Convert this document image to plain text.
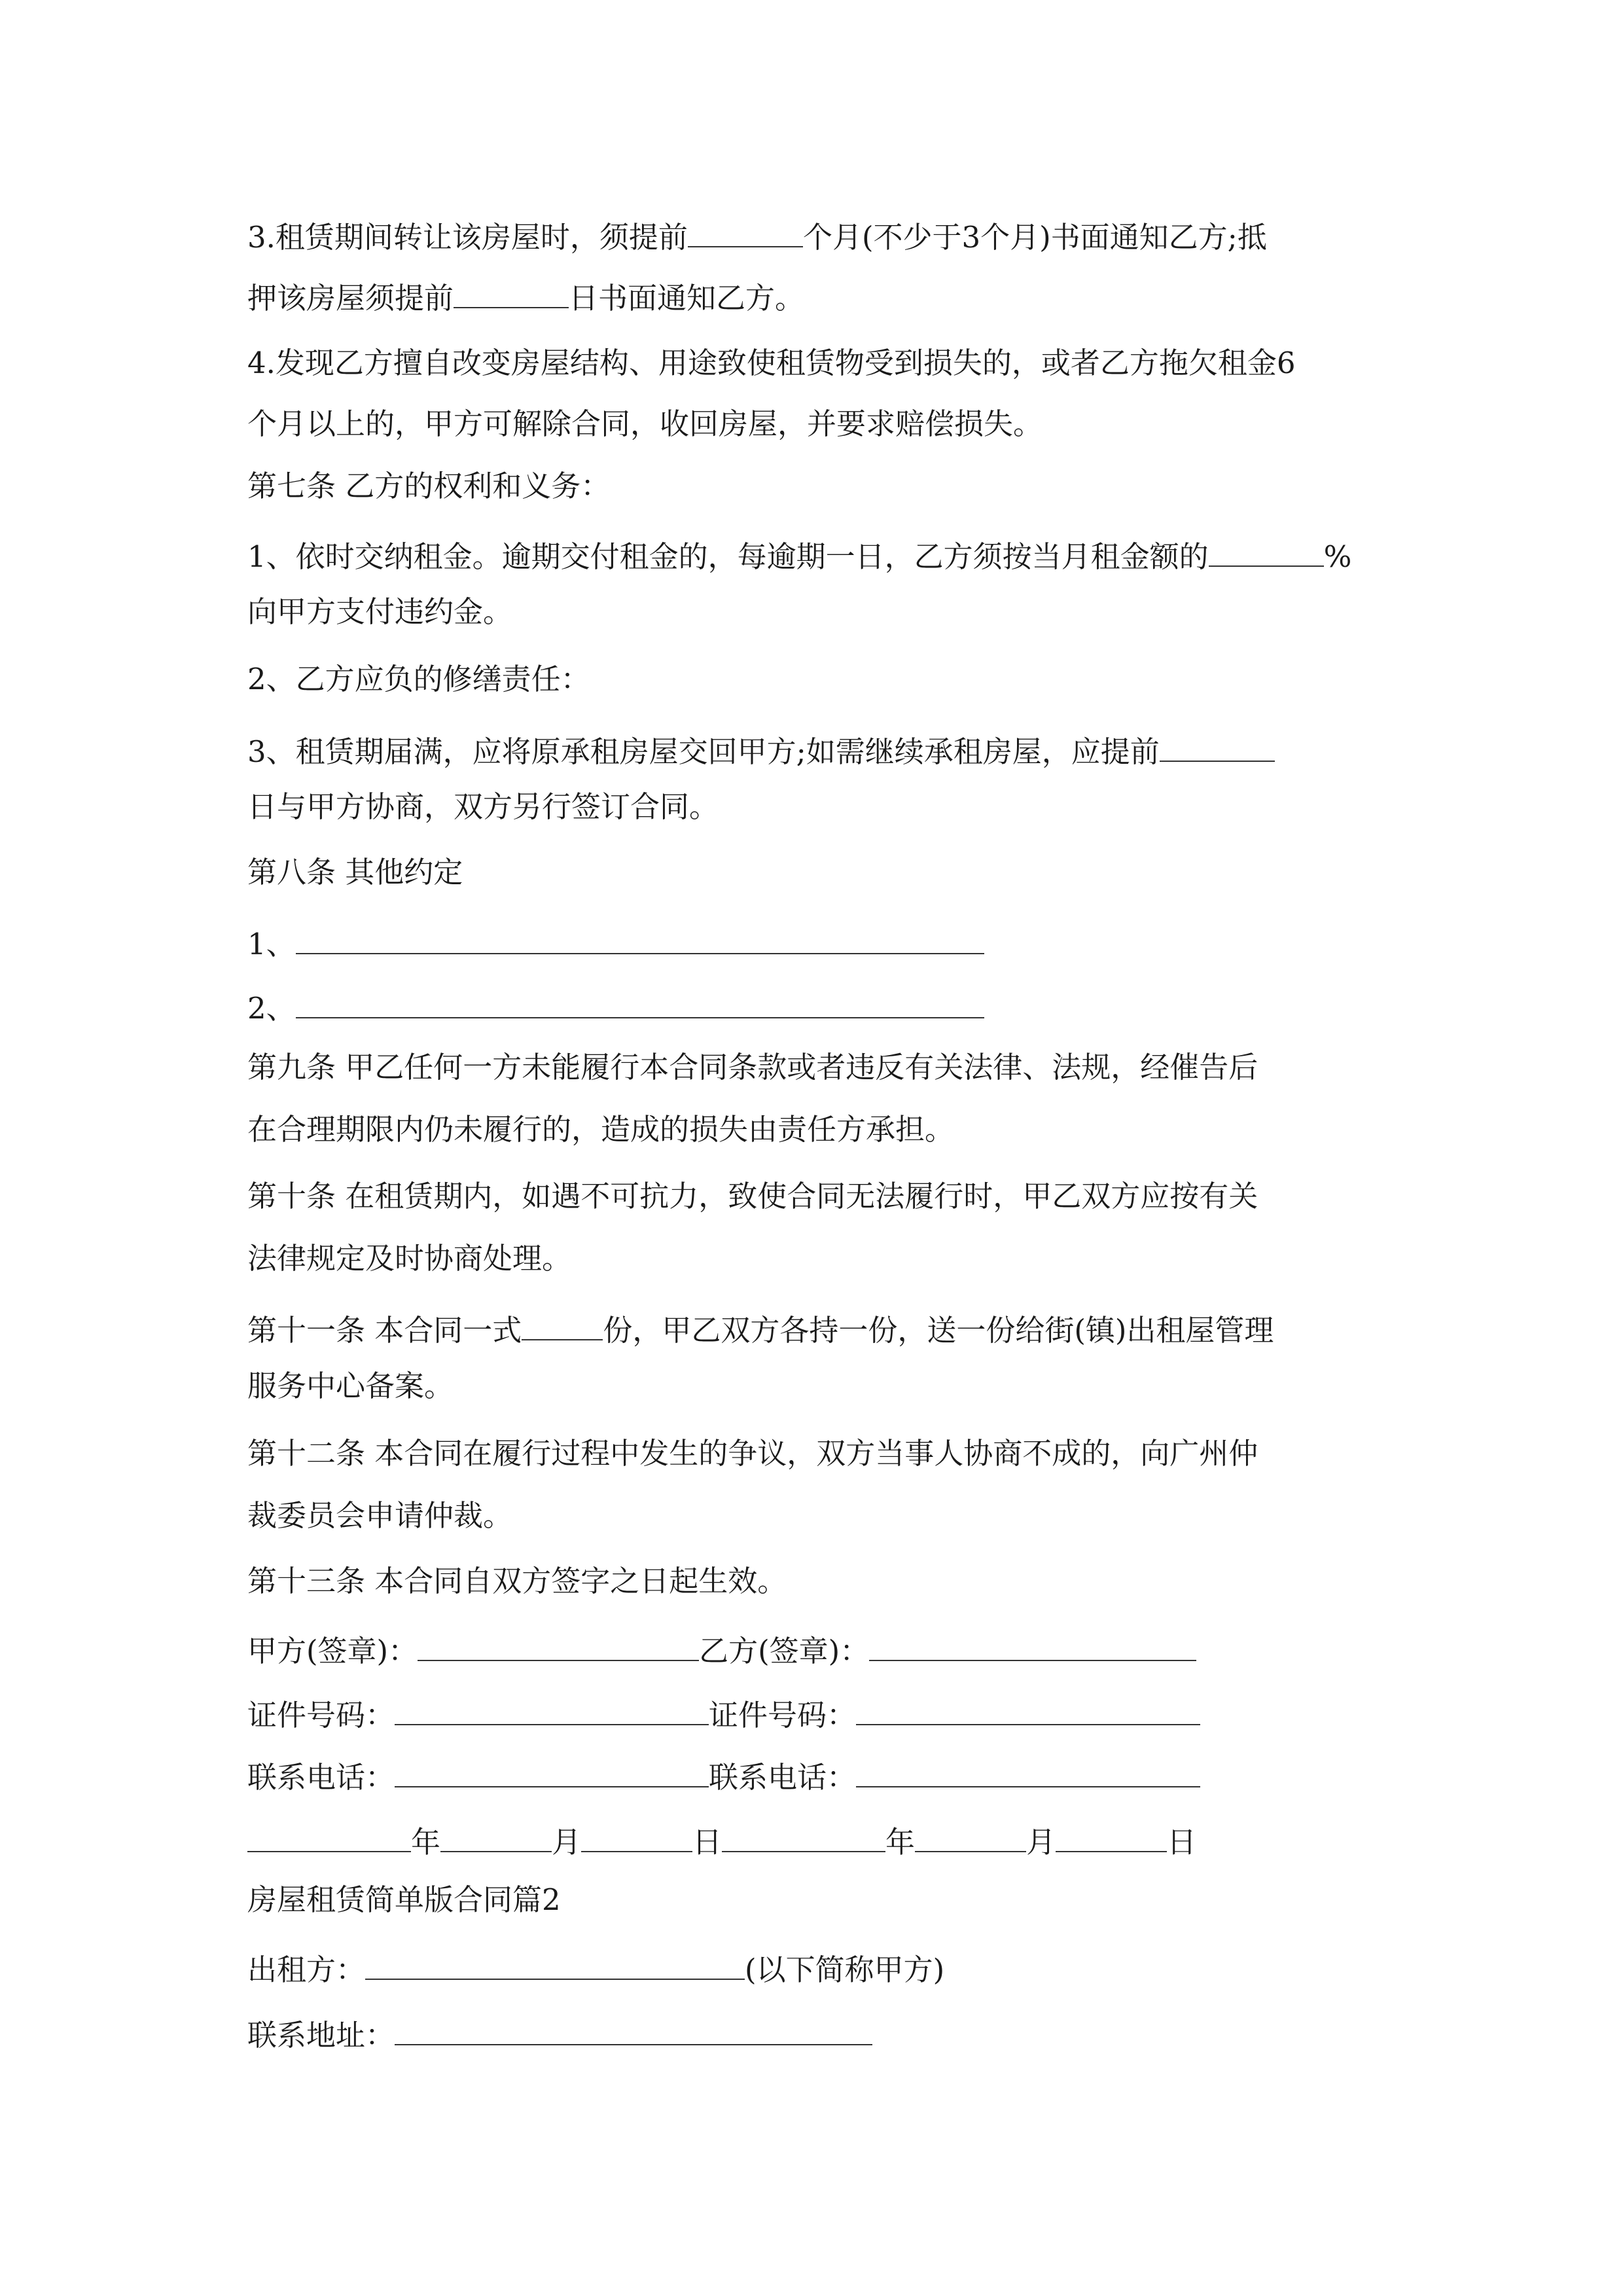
3.租赁期间转让该房屋时，须提前	个月(不少于3个月)书面通知乙方;抵
押该房屋须提前	日书面通知乙方。
4.发现乙方擅自改变房屋结构、用途致使租赁物受到损失的，或者乙方拖欠租金6
个月以上的，甲方可解除合同，收回房屋，并要求赔偿损失。
第七条 乙方的权利和义务：
1、依时交纳租金。逾期交付租金的，每逾期一日，乙方须按当月租金额的	%
向甲方支付违约金。
2、乙方应负的修缮责任：
3、租赁期届满，应将原承租房屋交回甲方;如需继续承租房屋，应提前
日与甲方协商，双方另行签订合同。
第八条 其他约定
1、
2、
第九条 甲乙任何一方未能履行本合同条款或者违反有关法律、法规，经催告后
在合理期限内仍未履行的，造成的损失由责任方承担。
第十条 在租赁期内，如遇不可抗力，致使合同无法履行时，甲乙双方应按有关
法律规定及时协商处理。
第十一条 本合同一式	份，甲乙双方各持一份，送一份给街(镇)出租屋管理
服务中心备案。
第十二条 本合同在履行过程中发生的争议，双方当事人协商不成的，向广州仲
裁委员会申请仲裁。
第十三条 本合同自双方签字之日起生效。
甲方(签章)：	乙方(签章)：
证件号码：	证件号码：
联系电话：	联系电话：
年	月	日	年	月	日
房屋租赁简单版合同篇2
出租方：	(以下简称甲方)
联系地址：
